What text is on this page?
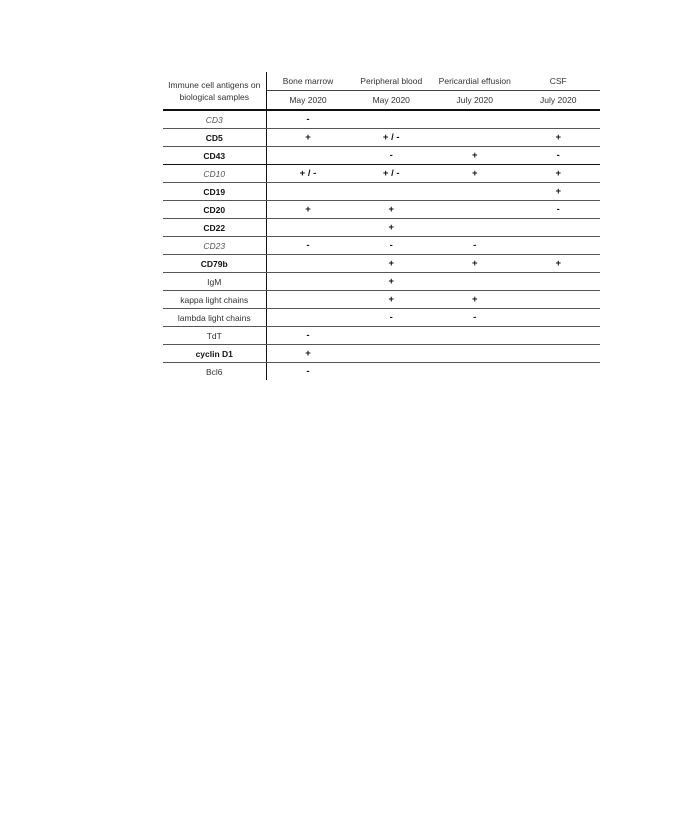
Immune cell antigens on
biological samples	Bone marrow	Peripheral blood	Pericardial effusion	CSF
	May 2020	May 2020	July 2020	July 2020
CD3	-			
CD5	+	+ / -		+
CD43		-	+	-
CD10	+ / -	+ / -	+	+
CD19				+
CD20	+	+		-
CD22		+		
CD23	-	-	-	
CD79b		+	+	+
IgM		+		
kappa light chains		+	+	
lambda light chains		-	-	
TdT	-			
cyclin D1	+			
Bcl6	-			
